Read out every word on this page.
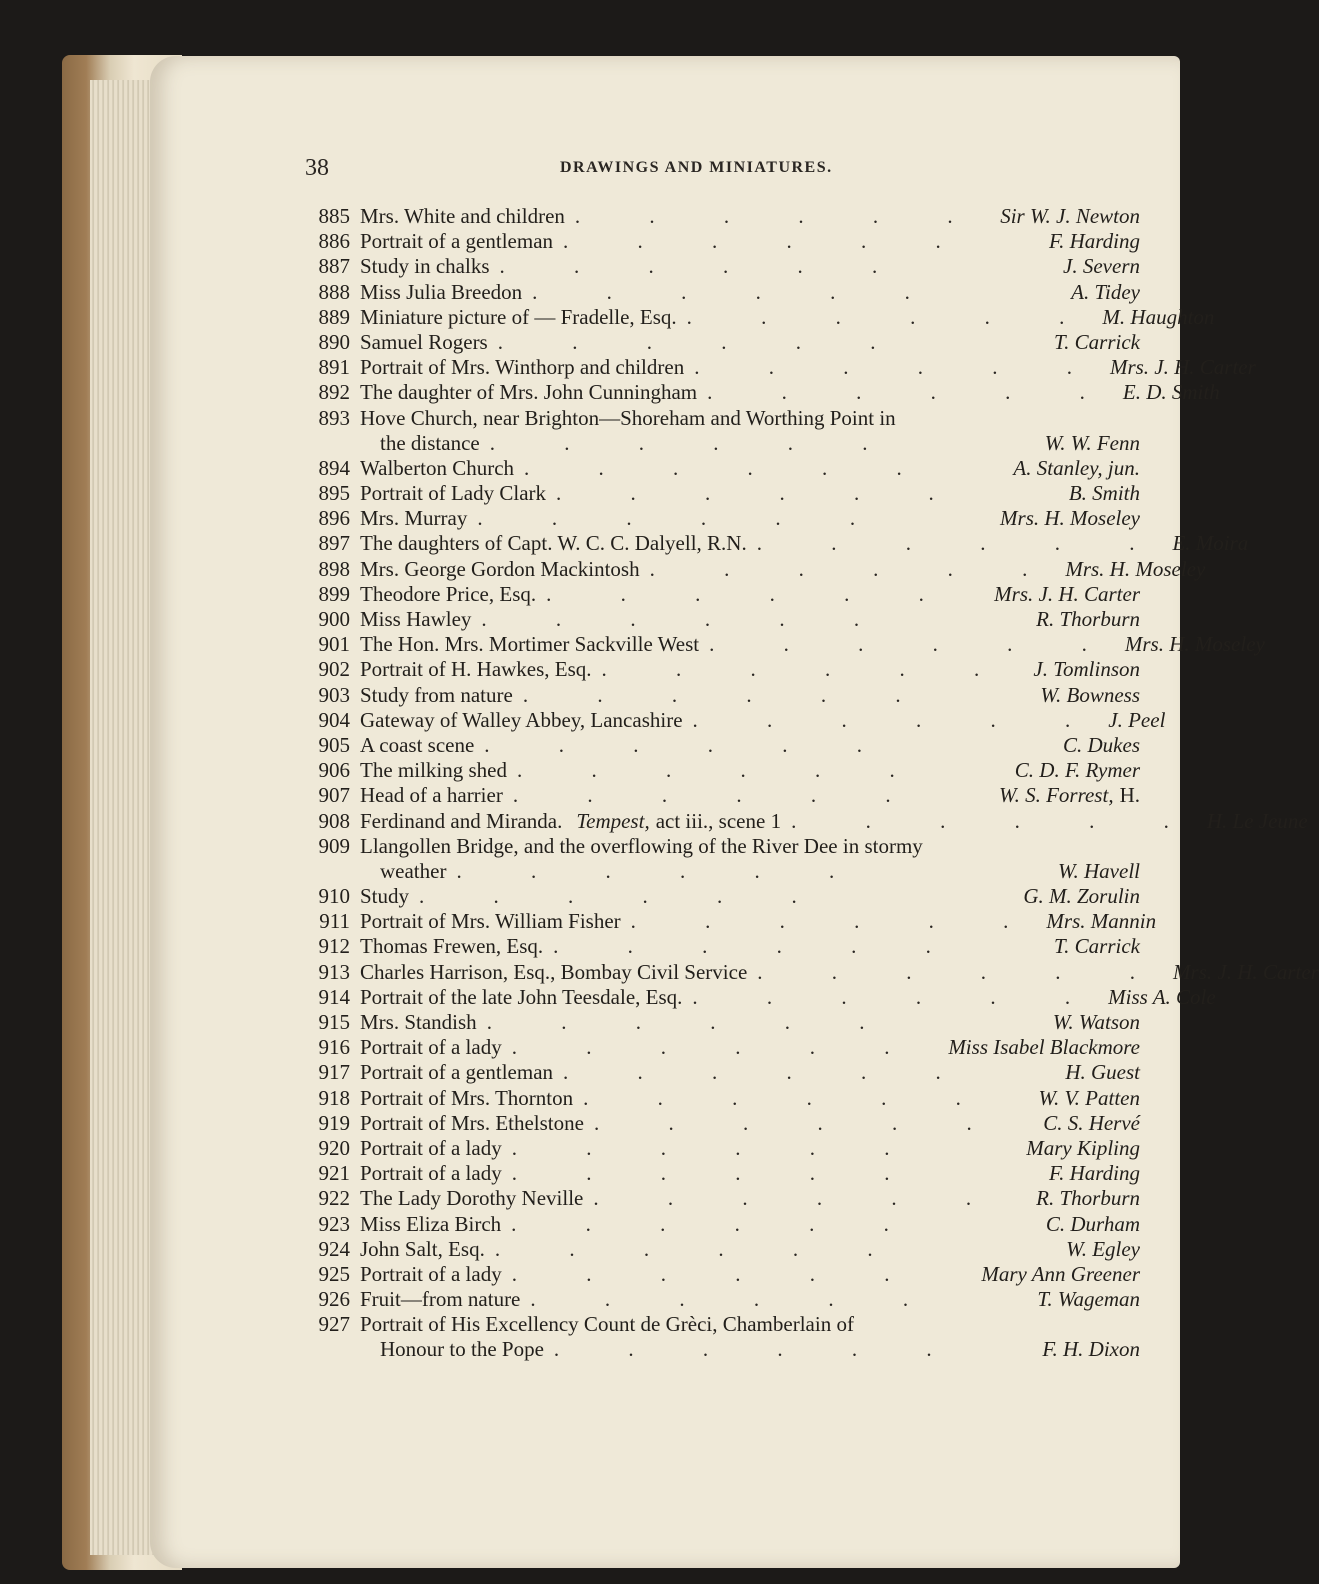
38	DRAWINGS AND MINIATURES.
885 Mrs. White and children . . . . . . Sir W. J. Newton
886 Portrait of a gentleman . . . . . .	F. Harding
887 Study in chalks . . . . . .	J. Severn
888 Miss Julia Breedon . . . . . .	A. Tidey
889 Miniature picture of — Fradelle, Esq. . . . . . . M. Haughton
890 Samuel Rogers . . . . . .	T. Carrick
891 Portrait of Mrs. Winthorp and children . . . . . . Mrs. J. H. Carter
892 The daughter of Mrs. John Cunningham . . . . . . E. D. Smith
893 Hove Church, near Brighton—Shoreham and Worthing Point in
the distance . . . . . .	W. W. Fenn
894 Walberton Church . . . . . .	A. Stanley, jun.
895 Portrait of Lady Clark . . . . . .	B. Smith
896 Mrs. Murray . . . . . .	Mrs. H. Moseley
897 The daughters of Capt. W. C. C. Dalyell, R.N. . . . . . . E. Moira
898 Mrs. George Gordon Mackintosh . . . . . . Mrs. H. Moseley
899 Theodore Price, Esq. . . . . . .	Mrs. J. H. Carter
900 Miss Hawley . . . . . .	R. Thorburn
901 The Hon. Mrs. Mortimer Sackville West . . . . . . Mrs. H. Moseley
902 Portrait of H. Hawkes, Esq. . . . . . .	J. Tomlinson
903 Study from nature . . . . . .	W. Bowness
904 Gateway of Walley Abbey, Lancashire . . . . . . J. Peel
905 A coast scene . . . . . .	C. Dukes
906 The milking shed . . . . . .	C. D. F. Rymer
907 Head of a harrier . . . . . .	W. S. Forrest, H.
908 Ferdinand and Miranda. Tempest, act iii., scene 1 . . . . . . H. Le Jeune
909 Llangollen Bridge, and the overflowing of the River Dee in stormy
weather . . . . . .	W. Havell
910 Study . . . . . .	G. M. Zorulin
911 Portrait of Mrs. William Fisher . . . . . . Mrs. Mannin
912 Thomas Frewen, Esq. . . . . . .	T. Carrick
913 Charles Harrison, Esq., Bombay Civil Service . . . . . . Mrs. J. H. Carter
914 Portrait of the late John Teesdale, Esq. . . . . . . Miss A. Cole
915 Mrs. Standish . . . . . .	W. Watson
916 Portrait of a lady . . . . . .	Miss Isabel Blackmore
917 Portrait of a gentleman . . . . . .	H. Guest
918 Portrait of Mrs. Thornton . . . . . .	W. V. Patten
919 Portrait of Mrs. Ethelstone . . . . . .	C. S. Hervé
920 Portrait of a lady . . . . . .	Mary Kipling
921 Portrait of a lady . . . . . .	F. Harding
922 The Lady Dorothy Neville . . . . . .	R. Thorburn
923 Miss Eliza Birch . . . . . .	C. Durham
924 John Salt, Esq. . . . . . .	W. Egley
925 Portrait of a lady . . . . . .	Mary Ann Greener
926 Fruit—from nature . . . . . .	T. Wageman
927 Portrait of His Excellency Count de Grèci, Chamberlain of
Honour to the Pope . . . . . .	F. H. Dixon
